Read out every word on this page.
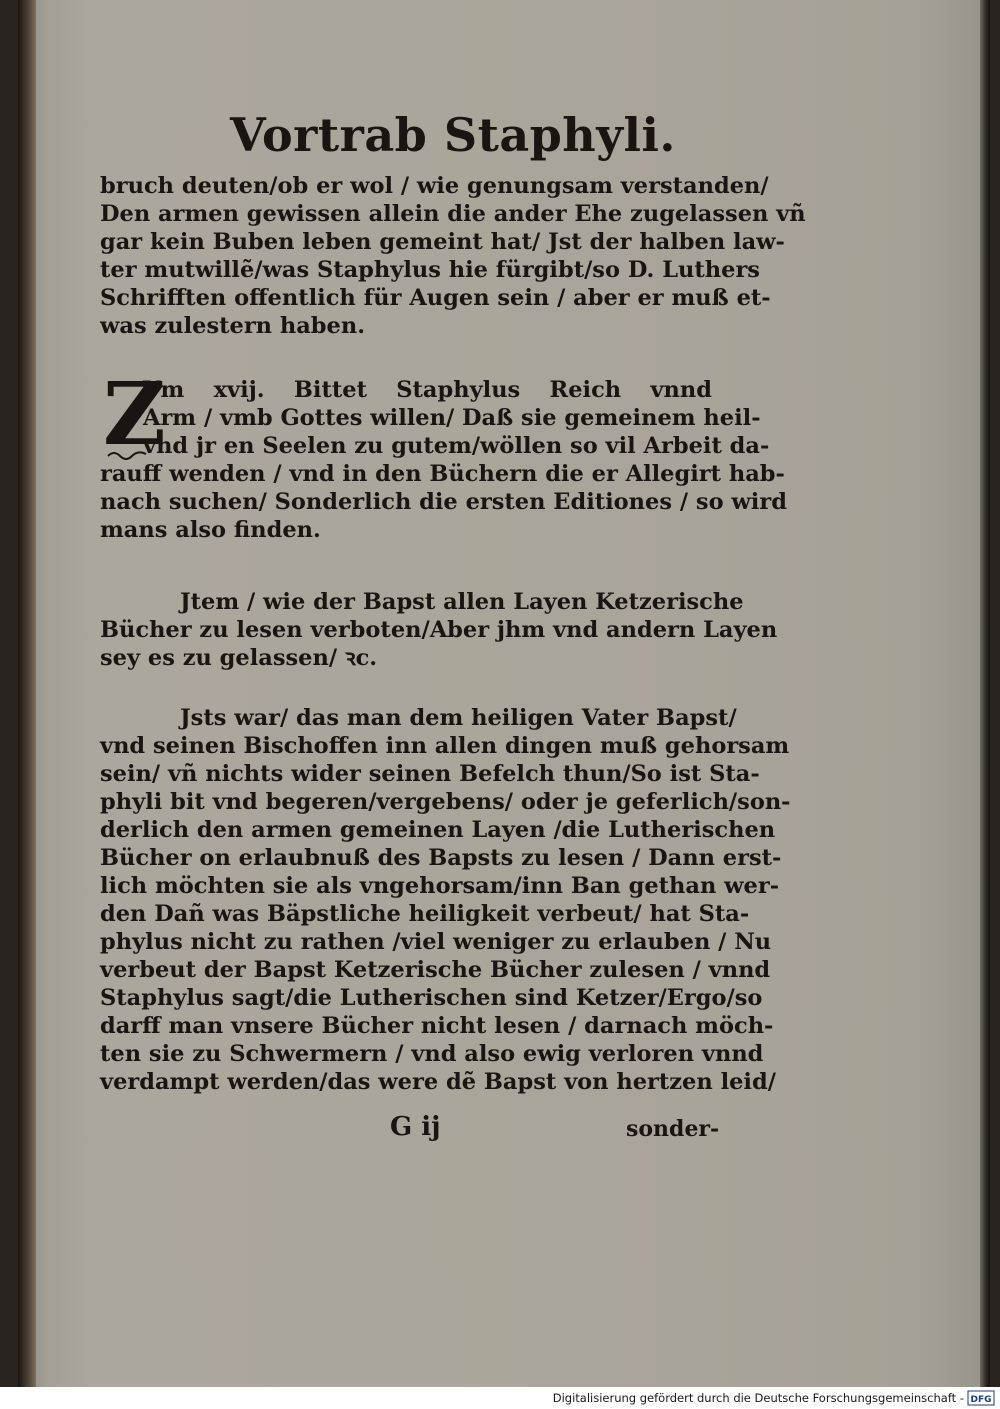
Vortrab Staphyli.
bruch deuten/ob er wol / wie genungsam verstanden/
Den armen gewissen allein die ander Ehe zugelassen vñ
gar kein Buben leben gemeint hat/ Jst der halben law-
ter mutwillẽ/was Staphylus hie fürgibt/so D. Luthers
Schrifften offentlich für Augen sein / aber er muß et-
was zulestern haben.
Z
Vm xvij. Bittet Staphylus Reich vnnd
Arm / vmb Gottes willen/ Daß sie gemeinem heil-
vnd jr en Seelen zu gutem/wöllen so vil Arbeit da-
rauff wenden / vnd in den Büchern die er Allegirt hab-
nach suchen/ Sonderlich die ersten Editiones / so wird
mans also finden.
Jtem / wie der Bapst allen Layen Ketzerische
Bücher zu lesen verboten/Aber jhm vnd andern Layen
sey es zu gelassen/ ꝛc.
Jsts war/ das man dem heiligen Vater Bapst/
vnd seinen Bischoffen inn allen dingen muß gehorsam
sein/ vñ nichts wider seinen Befelch thun/So ist Sta-
phyli bit vnd begeren/vergebens/ oder je geferlich/son-
derlich den armen gemeinen Layen /die Lutherischen
Bücher on erlaubnuß des Bapsts zu lesen / Dann erst-
lich möchten sie als vngehorsam/inn Ban gethan wer-
den Dañ was Bäpstliche heiligkeit verbeut/ hat Sta-
phylus nicht zu rathen /viel weniger zu erlauben / Nu
verbeut der Bapst Ketzerische Bücher zulesen / vnnd
Staphylus sagt/die Lutherischen sind Ketzer/Ergo/so
darff man vnsere Bücher nicht lesen / darnach möch-
ten sie zu Schwermern / vnd also ewig verloren vnnd
verdampt werden/das were dẽ Bapst von hertzen leid/
G ij	sonder-
Digitalisierung gefördert durch die Deutsche Forschungsgemeinschaft - DFG
